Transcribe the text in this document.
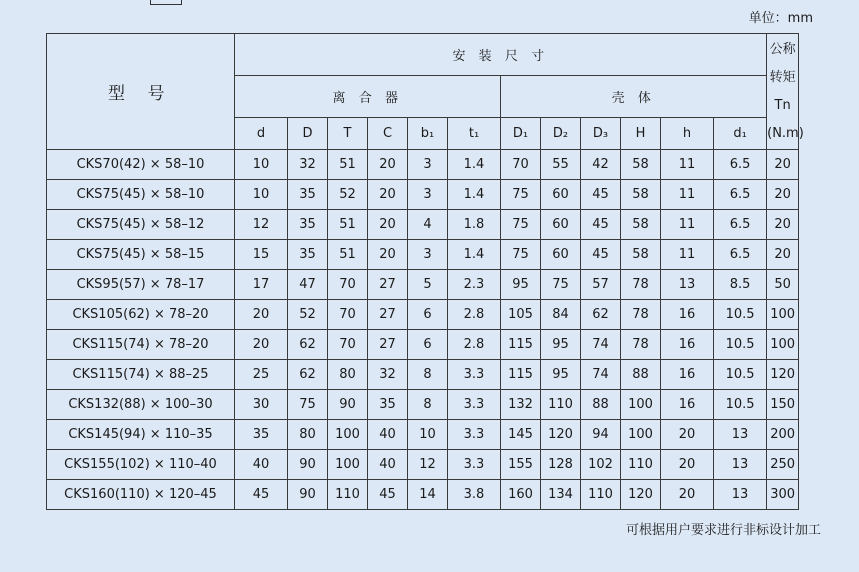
单位：mm
型 号	安 装 尺 寸												公称
转矩
Tn
(N.m)

	离 合 器						壳 体						
	d	D	T	C	b₁	t₁	D₁	D₂	D₃	H	h	d₁	
CKS70(42) × 58–10	10	32	51	20	3	1.4	70	55	42	58	11	6.5	20
CKS75(45) × 58–10	10	35	52	20	3	1.4	75	60	45	58	11	6.5	20
CKS75(45) × 58–12	12	35	51	20	4	1.8	75	60	45	58	11	6.5	20
CKS75(45) × 58–15	15	35	51	20	3	1.4	75	60	45	58	11	6.5	20
CKS95(57) × 78–17	17	47	70	27	5	2.3	95	75	57	78	13	8.5	50
CKS105(62) × 78–20	20	52	70	27	6	2.8	105	84	62	78	16	10.5	100
CKS115(74) × 78–20	20	62	70	27	6	2.8	115	95	74	78	16	10.5	100
CKS115(74) × 88–25	25	62	80	32	8	3.3	115	95	74	88	16	10.5	120
CKS132(88) × 100–30	30	75	90	35	8	3.3	132	110	88	100	16	10.5	150
CKS145(94) × 110–35	35	80	100	40	10	3.3	145	120	94	100	20	13	200
CKS155(102) × 110–40	40	90	100	40	12	3.3	155	128	102	110	20	13	250
CKS160(110) × 120–45	45	90	110	45	14	3.8	160	134	110	120	20	13	300
可根据用户要求进行非标设计加工
